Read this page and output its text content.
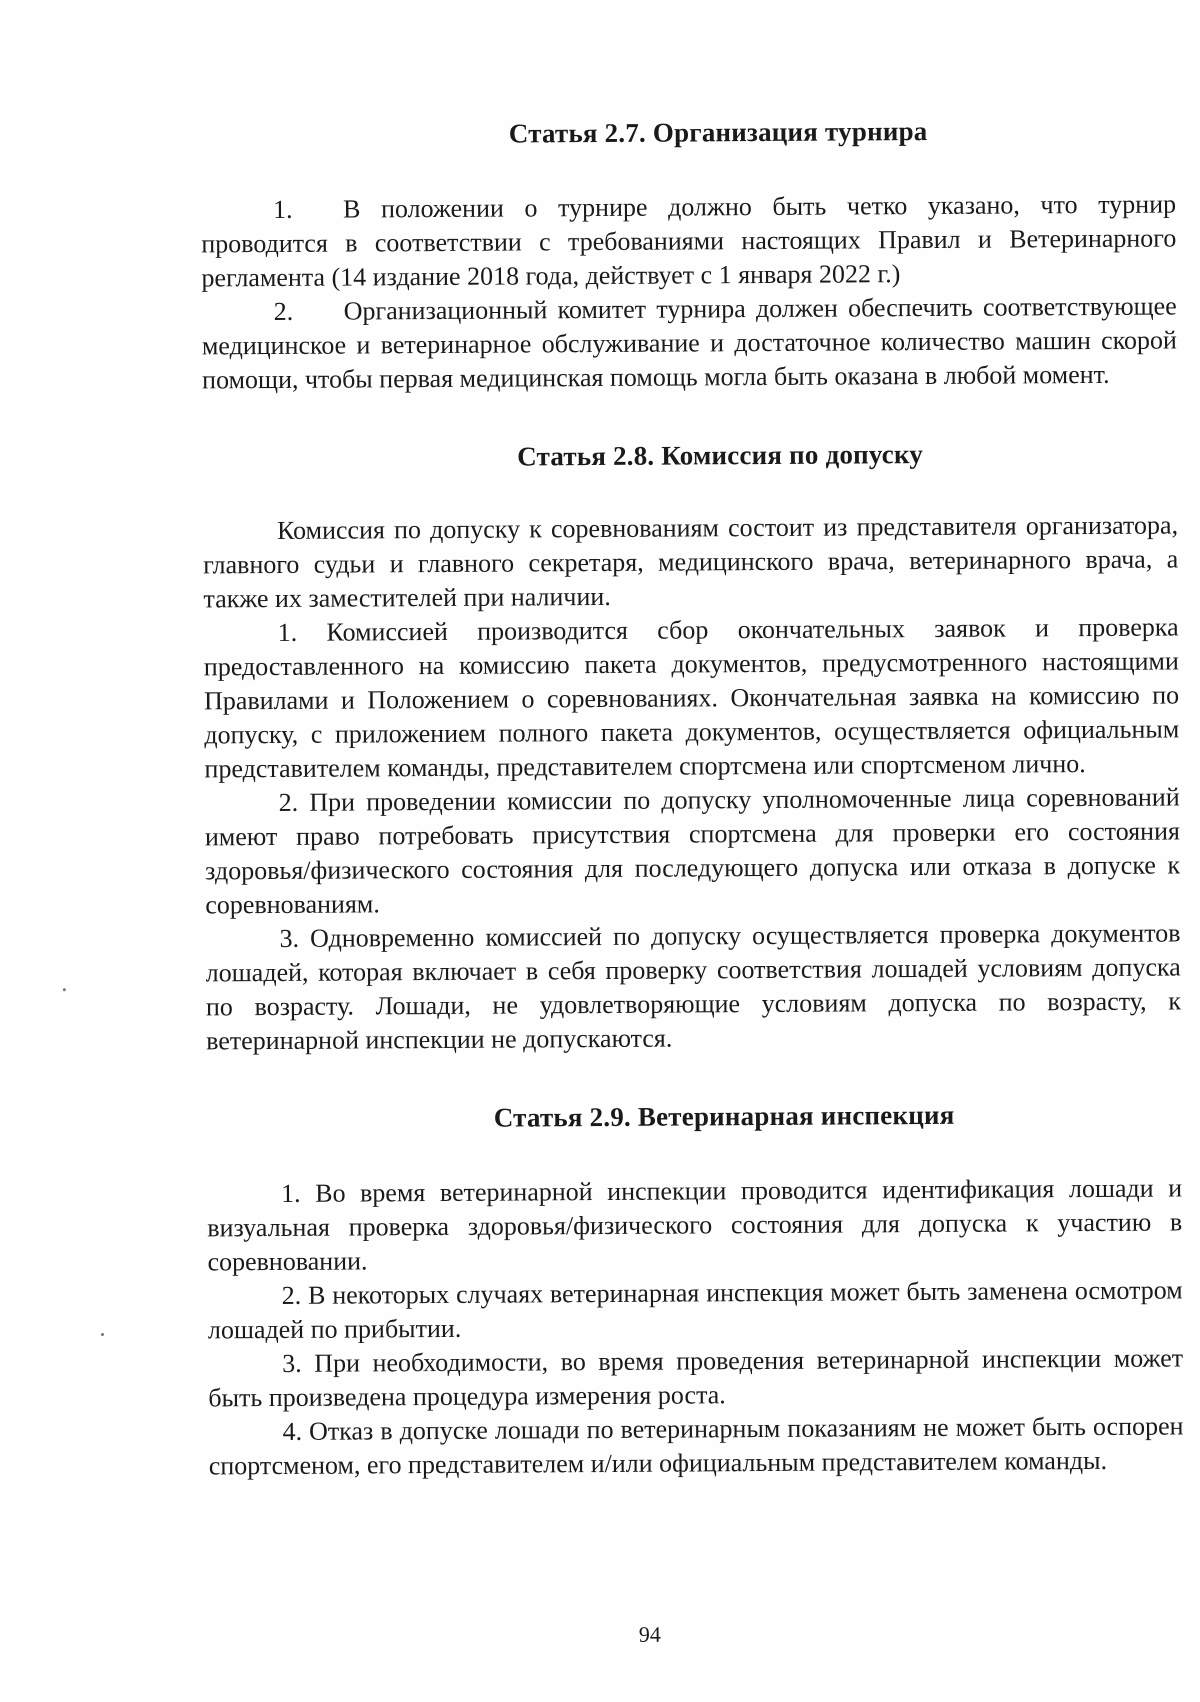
Статья 2.7. Организация турнира

1. В положении о турнире должно быть четко указано, что турнир проводится в соответствии с требованиями настоящих Правил и Ветеринарного регламента (14 издание 2018 года, действует с 1 января 2022 г.)

2. Организационный комитет турнира должен обеспечить соответствующее медицинское и ветеринарное обслуживание и достаточное количество машин скорой помощи, чтобы первая медицинская помощь могла быть оказана в любой момент.

Статья 2.8. Комиссия по допуску

Комиссия по допуску к соревнованиям состоит из представителя организатора, главного судьи и главного секретаря, медицинского врача, ветеринарного врача, а также их заместителей при наличии.

1. Комиссией производится сбор окончательных заявок и проверка предоставленного на комиссию пакета документов, предусмотренного настоящими Правилами и Положением о соревнованиях. Окончательная заявка на комиссию по допуску, с приложением полного пакета документов, осуществляется официальным представителем команды, представителем спортсмена или спортсменом лично.

2. При проведении комиссии по допуску уполномоченные лица соревнований имеют право потребовать присутствия спортсмена для проверки его состояния здоровья/физического состояния для последующего допуска или отказа в допуске к соревнованиям.

3. Одновременно комиссией по допуску осуществляется проверка документов лошадей, которая включает в себя проверку соответствия лошадей условиям допуска по возрасту. Лошади, не удовлетворяющие условиям допуска по возрасту, к ветеринарной инспекции не допускаются.

Статья 2.9. Ветеринарная инспекция

1. Во время ветеринарной инспекции проводится идентификация лошади и визуальная проверка здоровья/физического состояния для допуска к участию в соревновании.

2. В некоторых случаях ветеринарная инспекция может быть заменена осмотром лошадей по прибытии.

3. При необходимости, во время проведения ветеринарной инспекции может быть произведена процедура измерения роста.

4. Отказ в допуске лошади по ветеринарным показаниям не может быть оспорен спортсменом, его представителем и/или официальным представителем команды.

94
